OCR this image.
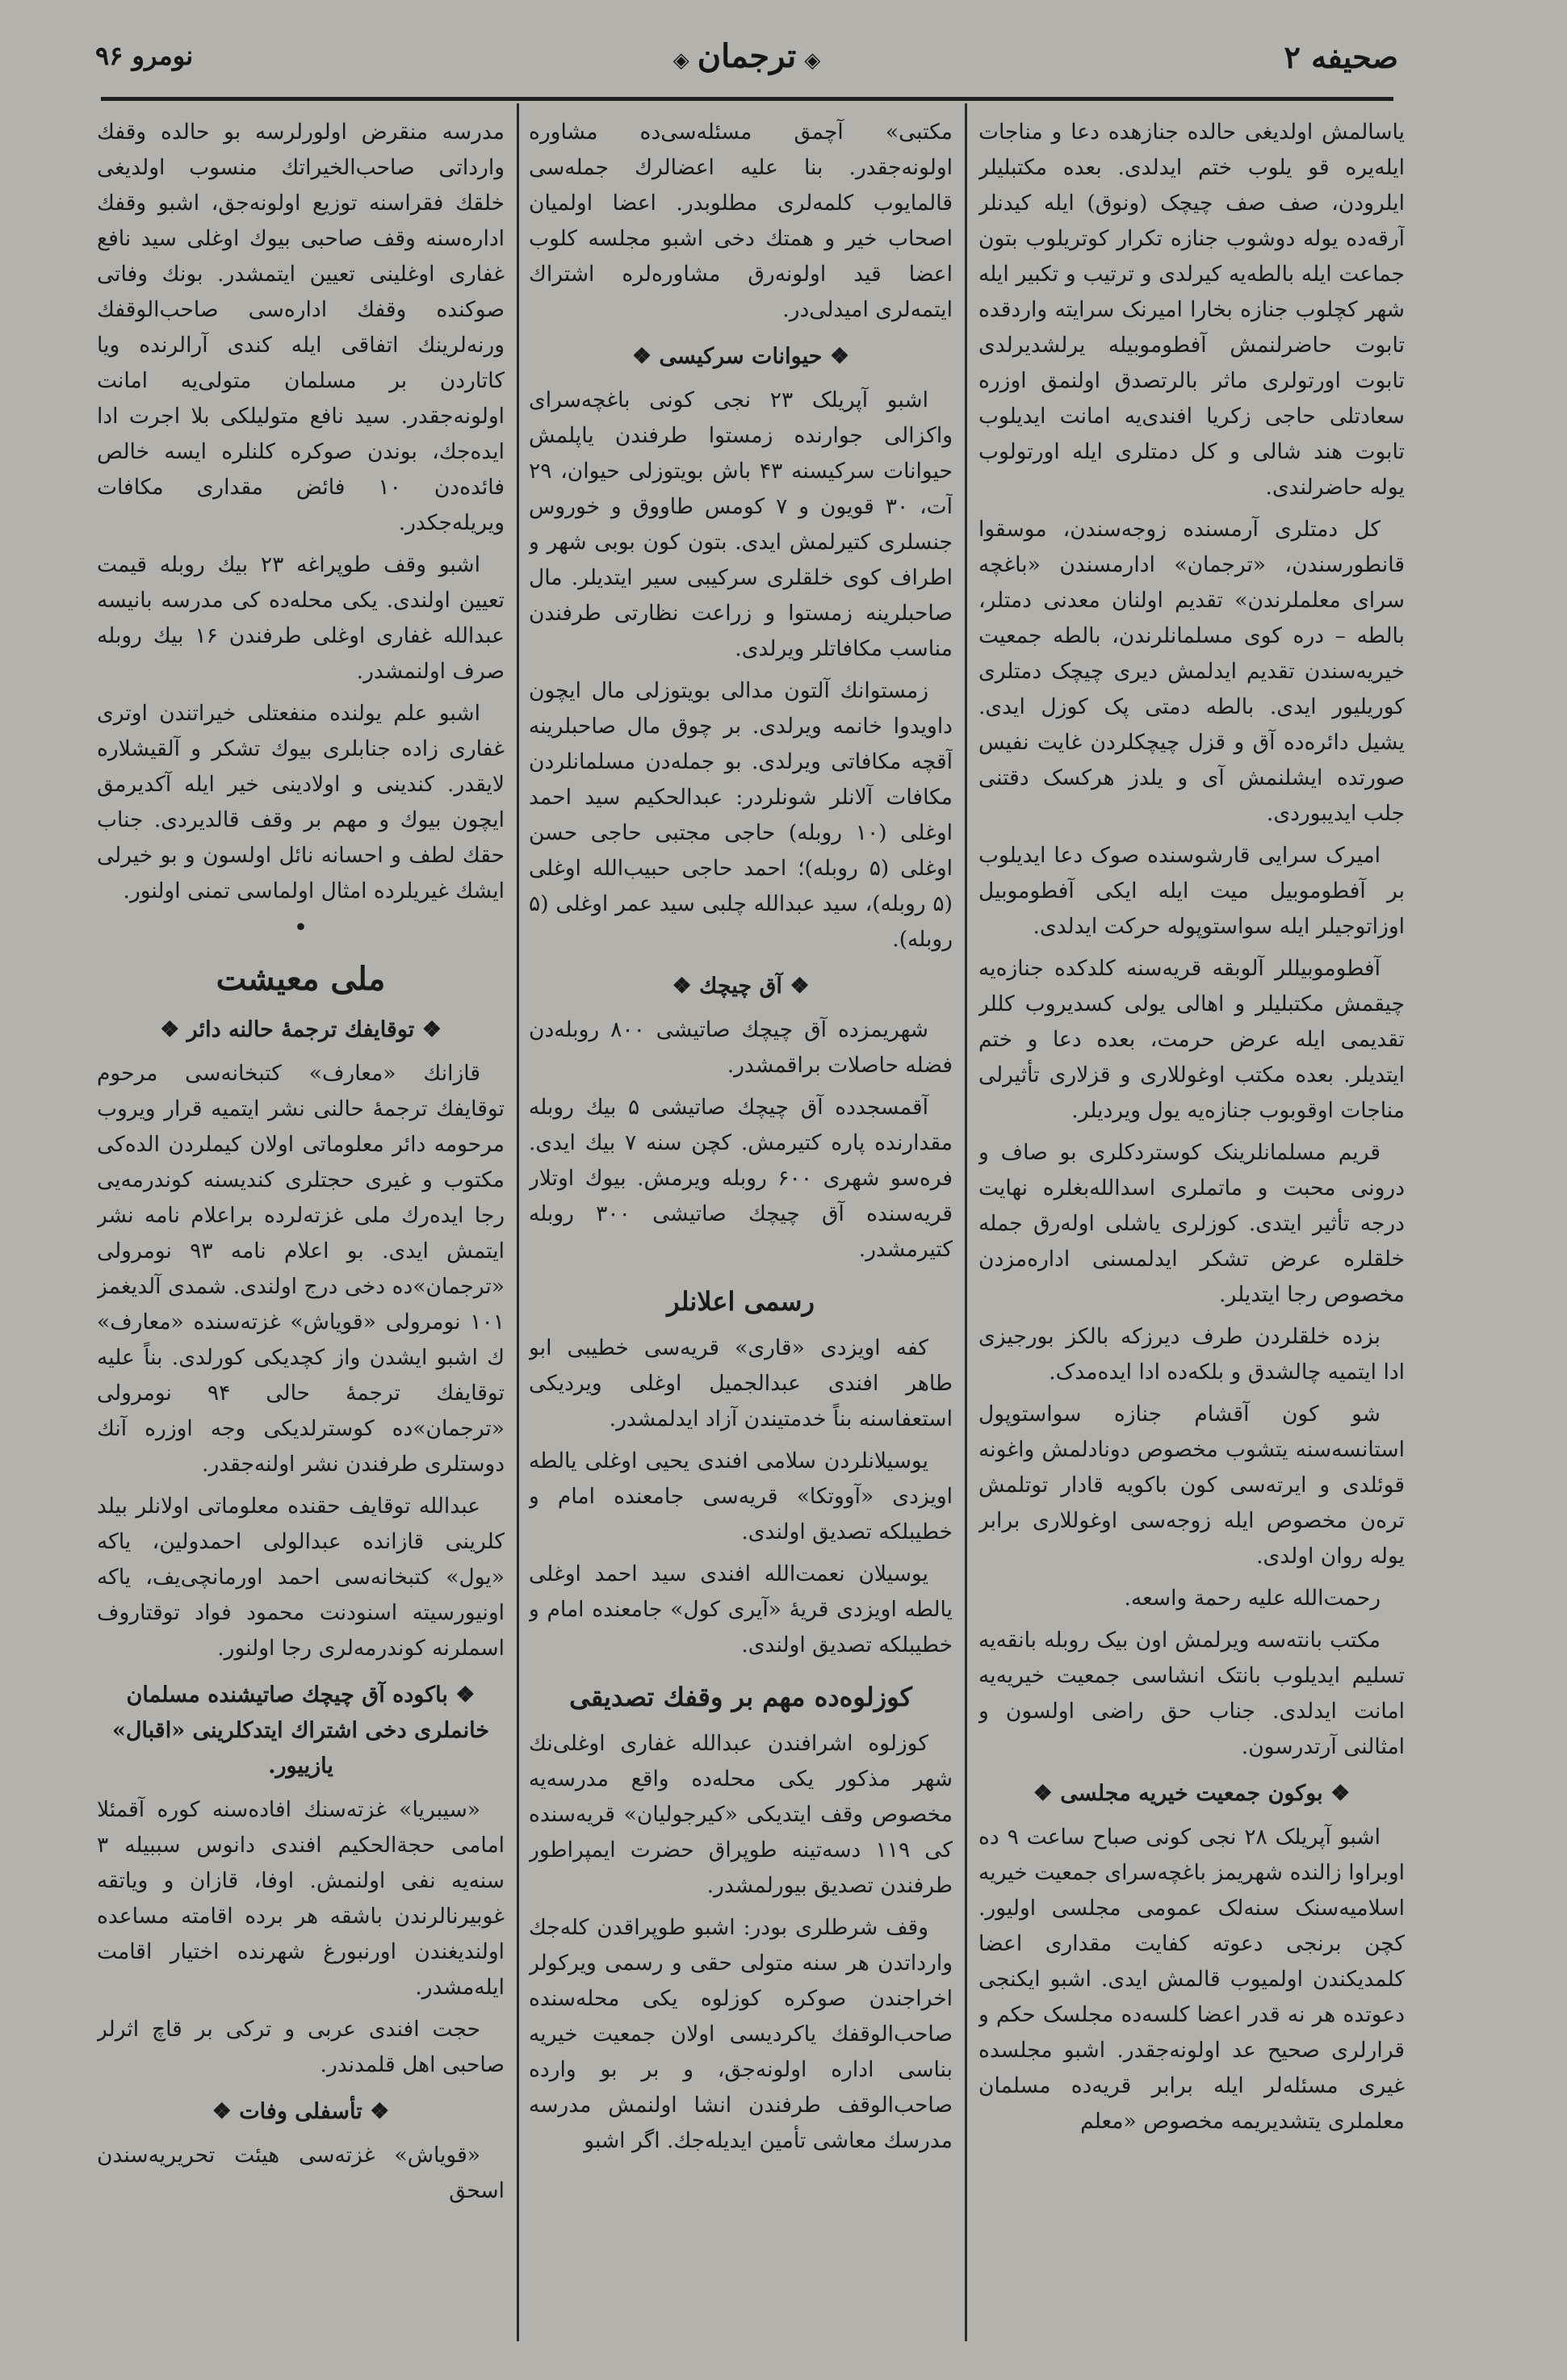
صحیفه ۲
◈ترجمان◈
نومرو ۹۶

یاسالمش اولدیغی حالده جنازهده دعا و مناجات ایله‌یره قو یلوب ختم ایدلدی. بعده مکتبلیلر ایلرودن، صف صف چیچک (ونوق) ایله کیدنلر آرقه‌ده یوله دوشوب جنازه تکرار کوتریلوب بتون جماعت ایله بالطه‌یه کیرلدی و ترتیب و تکبیر ایله شهر کچلوب جنازه بخارا امیرنک سرایته واردقده تابوت حاضرلنمش آفطوموبیله یرلشدیرلدی تابوت اورتولری ماثر بالرتصدق اولنمق اوزره سعادتلی حاجی زکریا افندی‌یه امانت ایدیلوب تابوت هند شالی و کل دمتلری ایله اورتولوب یوله حاضرلندی.

کل دمتلری آرمسنده زوجه‌سندن، موسقوا قانطورسندن، «ترجمان» ادارمسندن «باغچه سرای معلملرندن» تقدیم اولنان معدنی دمتلر، بالطه – دره کوی مسلمانلرندن، بالطه جمعیت خیریه‌سندن تقدیم ایدلمش دیری چیچک دمتلری کوریلیور ایدی. بالطه دمتی پک کوزل ایدی. یشیل دائره‌ده آق و قزل چیچکلردن غایت نفیس صورتده ایشلنمش آی و یلدز هرکسک دقتنی جلب ایدیبوردی.

امیرک سرایی قارشوسنده صوک دعا ایدیلوب بر آفطوموبیل میت ایله ایکی آفطوموبیل اوزاتوجیلر ایله سواستوپوله حرکت ایدلدی.

آفطوموبیللر آلوبقه قریه‌سنه کلدکده جنازه‌یه چیقمش مکتبلیلر و اهالی یولی کسدیروب کللر تقدیمی ایله عرض حرمت، بعده دعا و ختم ایتدیلر. بعده مکتب اوغوللاری و قزلاری تأثیرلی مناجات اوقوبوب جنازه‌یه یول ویردیلر.

قریم مسلمانلرینک کوستردکلری بو صاف و درونی محبت و ماتملری اسدالله‌بغلره نهایت درجه تأثیر ایتدی. کوزلری یاشلی اولەرق جمله خلقلره عرض تشکر ایدلمسنی ادارەمزدن مخصوص رجا ایتدیلر.

بزده خلقلردن طرف دیرزکه بالکز بورجیزی ادا ایتمیه چالشدق و بلکەده ادا ایدەمدک.

شو کون آقشام جنازه سواستوپول استانسه‌سنه یتشوب مخصوص دونادلمش واغونه قوئلدی و ایرته‌سی کون باکویه قادار توتلمش ترەن مخصوص ایله زوجه‌سی اوغوللاری برابر یوله روان اولدی.

رحمت‌الله علیه رحمة واسعه.

مکتب بانته‌سه ویرلمش اون بیک روبله بانقه‌یه تسلیم ایدیلوب بانتک انشاسی جمعیت خیریه‌یه امانت ایدلدی. جناب حق راضی اولسون و امثالنی آرتدرسون.

❖ بوکون جمعیت خیریه مجلسی ❖

اشبو آپریلک ۲۸ نجی کونی صباح ساعت ۹ ده اوبراوا زالنده شهریمز باغچه‌سرای جمعیت خیریه اسلامیه‌سنک سنەلک عمومی مجلسی اولیور. کچن برنجی دعوته کفایت مقداری اعضا کلمدیکندن اولمیوب قالمش ایدی. اشبو ایکنجی دعوتده هر نه قدر اعضا کلسه‌ده مجلسک حکم و قرارلری صحیح عد اولونه‌جقدر. اشبو مجلسده غیری مسئلەلر ایله برابر قریه‌ده مسلمان معلملری یتشدیریمه مخصوص «معلم

مکتبی» آچمق مسئله‌سی‌ده مشاوره اولونه‌جقدر. بنا علیه اعضالرك جمله‌سی قالمایوب کلمه‌لری مطلوبدر. اعضا اولمیان اصحاب خیر و همتك دخی اشبو مجلسه کلوب اعضا قید اولونه‌رق مشاوره‌لره اشتراك ایتمه‌لری امیدلی‌در.

❖ حیوانات سرکیسی ❖

اشبو آپریلک ۲۳ نجی کونی باغچه‌سرای واکزالی جوارنده زمستوا طرفندن یاپلمش حیوانات سرکیسنه ۴۳ باش بویتوزلی حیوان، ۲۹ آت، ۳۰ قویون و ۷ کومس طاووق و خوروس جنسلری کتیرلمش ایدی. بتون کون بوبی شهر و اطراف کوی خلقلری سرکیبی سیر ایتدیلر. مال صاحبلرینه زمستوا و زراعت نظارتی طرفندن مناسب مکافاتلر ویرلدی.

زمستوانك آلتون مدالی بویتوزلی مال ایچون داویدوا خانمه ویرلدی. بر چوق مال صاحبلرینه آقچه مکافاتی ویرلدی. بو جمله‌دن مسلمانلردن مکافات آلانلر شونلردر: عبدالحکیم سید احمد اوغلی (۱۰ روبله) حاجی مجتبی حاجی حسن اوغلی (۵ روبله)؛ احمد حاجی حبیب‌الله اوغلی (۵ روبله)، سید عبدالله چلبی سید عمر اوغلی (۵ روبله).

❖ آق چیچك ❖

شهریمزده آق چیچك صاتیشی ۸۰۰ روبله‌دن فضله حاصلات براقمشدر.

آقمسجدده آق چیچك صاتیشی ۵ بیك روبله مقدارنده پاره کتیرمش. کچن سنه ۷ بیك ایدی. فرەسو شهری ۶۰۰ روبله ویرمش. بیوك اوتلار قریه‌سنده آق چیچك صاتیشی ۳۰۰ روبله کتیرمشدر.

رسمی اعلانلر

کفه اویزدی «قاری» قریه‌سی خطیبی ابو طاهر افندی عبدالجمیل اوغلی ویردیکی استعفاسنه بناً خدمتیندن آزاد ایدلمشدر.

یوسیلانلردن سلامی افندی یحیی اوغلی یالطه اویزدی «آووتکا» قریه‌سی جامعنده امام و خطیبلکه تصدیق اولندی.

یوسیلان نعمت‌الله افندی سید احمد اوغلی یالطه اویزدی قریه‌ٔ «آیری کول» جامعنده امام و خطیبلکه تصدیق اولندی.

کوزلوه‌ده مهم بر وقفك تصدیقی

کوزلوه اشرافندن عبدالله غفاری اوغلی‌نك شهر مذکور یکی محله‌ده واقع مدرسه‌یه مخصوص وقف ایتدیکی «کیرجولیان» قریه‌سنده کی ۱۱۹ دسەتینه طوپراق حضرت ایمپراطور طرفندن تصدیق بیورلمشدر.

وقف شرطلری بودر: اشبو طوپراقدن کله‌جك وارداتدن هر سنه متولی حقی و رسمی ویرکولر اخراجندن صوکره کوزلوه یکی محله‌سنده صاحب‌الوقفك یاکردیسی اولان جمعیت خیریه بناسی اداره اولونه‌جق، و بر بو وارده صاحب‌الوقف طرفندن انشا اولنمش مدرسه مدرسك معاشی تأمین ایدیله‌جك. اگر اشبو

مدرسه منقرض اولورلرسه بو حالده وقفك وارداتی صاحب‌الخیراتك منسوب اولدیغی خلقك فقراسنه توزیع اولونه‌جق، اشبو وقفك اداره‌سنه وقف صاحبی بیوك اوغلی سید نافع غفاری اوغلینی تعیین ایتمشدر. بونك وفاتی صوکنده وقفك اداره‌سی صاحب‌الوقفك ورنه‌لرینك اتفاقی ایله کندی آرالرنده ویا کاتاردن بر مسلمان متولی‌یه امانت اولونه‌جقدر. سید نافع متولیلکی بلا اجرت ادا ایده‌جك، بوندن صوکره کلنلره ایسه خالص فائده‌دن ۱۰ فائض مقداری مکافات ویریله‌جکدر.

اشبو وقف طوپراغه ۲۳ بیك روبله قیمت تعیین اولندی. یکی محله‌ده کی مدرسه بانیسه عبدالله غفاری اوغلی طرفندن ۱۶ بیك روبله صرف اولنمشدر.

اشبو علم یولنده منفعتلی خیراتندن اوتری غفاری زاده جنابلری بیوك تشکر و آلقیشلاره لایقدر. کندینی و اولادینی خیر ایله آکدیرمق ایچون بیوك و مهم بر وقف قالدیردی. جناب حقك لطف و احسانه نائل اولسون و بو خیرلی ایشك غیریلرده امثال اولماسی تمنی اولنور.

•
ملی معیشت
❖ توقایفك ترجمهٔ حالنه دائر ❖

قازانك «معارف» کتبخانه‌سی مرحوم توقایفك ترجمهٔ حالنی نشر ایتمیه قرار ویروب مرحومه دائر معلوماتی اولان کیملردن الدەکی مکتوب و غیری حجتلری کندیسنه کوندرمه‌یی رجا ایدەرك ملی غزته‌لرده براعلام نامه نشر ایتمش ایدی. بو اعلام نامه ۹۳ نومرولی «ترجمان»ده دخی درج اولندی. شمدی آلدیغمز ۱۰۱ نومرولی «قویاش» غزته‌سنده «معارف» ك اشبو ایشدن واز کچدیکی کورلدی. بناً علیه توقایفك ترجمهٔ حالی ۹۴ نومرولی «ترجمان»ده کوسترلدیکی وجه اوزره آنك دوستلری طرفندن نشر اولنه‌جقدر.

عبدالله توقایف حقنده معلوماتی اولانلر بیلد کلرینی قازانده عبدالولی احمدولین، یاکه «یول» کتبخانه‌سی احمد اورمانچی‌یف، یاکه اونیورسیته اسنودنت محمود فواد توقتاروف اسملرنه کوندرمه‌لری رجا اولنور.

❖ باکوده آق چیچك صاتیشنده مسلمان خانملری دخی اشتراك ایتدکلرینی «اقبال» یازییور.

«سیبریا» غزته‌سنك افاده‌سنه کوره آقمئلا امامی حجة‌الحکیم افندی دانوس سببیله ۳ سنه‌یه نفی اولنمش. اوفا، قازان و ویاتقه غوبیرنالرندن باشقه هر برده اقامته مساعده اولندیغندن اورنبورغ شهرنده اختیار اقامت ایله‌مشدر.

حجت افندی عربی و ترکی بر قاچ اثرلر صاحبی اهل قلمدندر.

❖ تأسفلی وفات ❖

«قویاش» غزته‌سی هیئت تحریریه‌سندن اسحق
